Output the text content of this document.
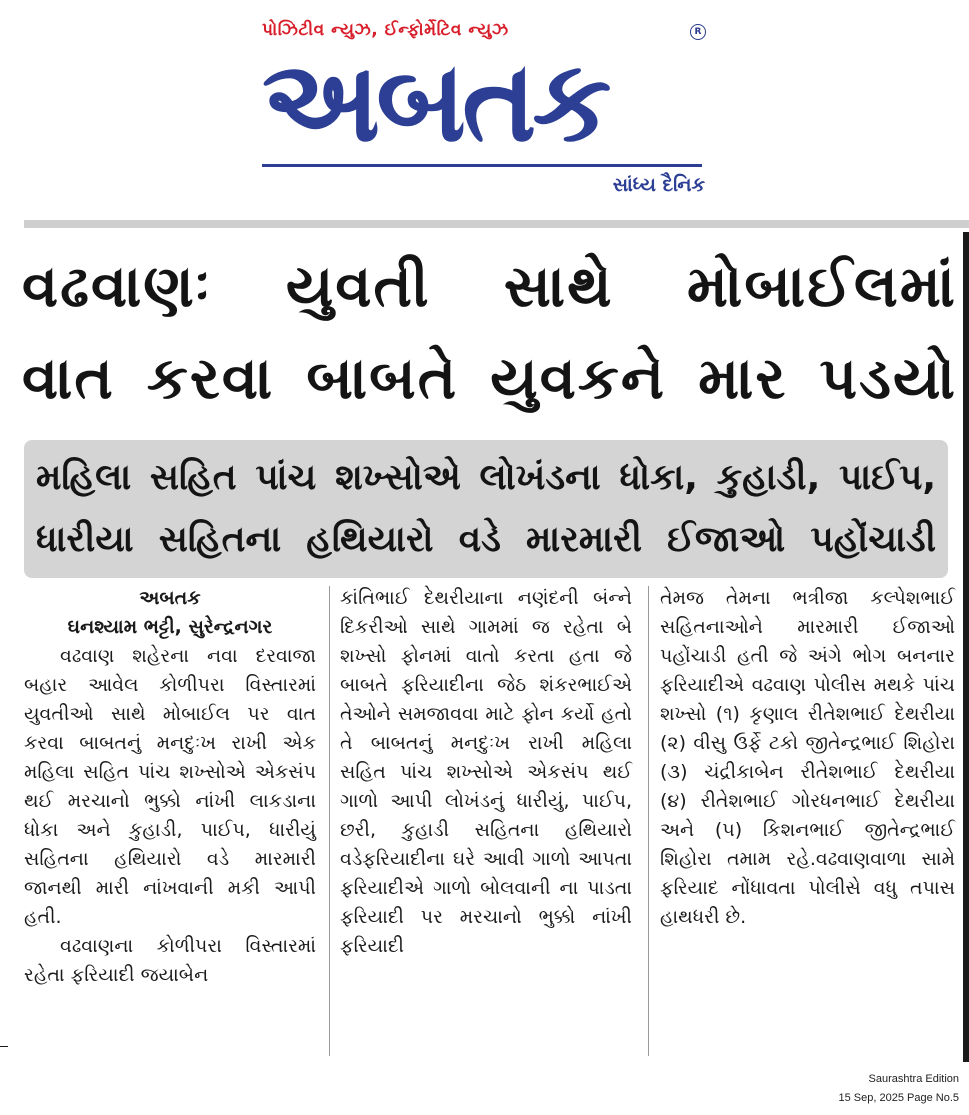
પોઝિટીવ ન્યુઝ, ઈન્ફોર્મેટિવ ન્યુઝ	R
અબતક
સાંધ્ય દૈનિક
વઢવાણઃ યુવતી સાથે મોબાઈલમાં
વાત કરવા બાબતે યુવકને માર પડયો
મહિલા સહિત પાંચ શખ્સોએ લોખંડના ધોકા, કુહાડી, પાઈપ,
ધારીયા સહિતના હથિયારો વડે મારમારી ઈજાઓ પહોંચાડી
અબતક
ઘનશ્યામ ભટ્ટી, સુરેન્દ્રનગર

વઢવાણ શહેરના નવા દરવાજા બહાર આવેલ કોળીપરા વિસ્તારમાં યુવતીઓ સાથે મોબાઈલ પર વાત કરવા બાબતનું મનદુઃખ રાખી એક મહિલા સહિત પાંચ શખ્સોએ એકસંપ થઈ મરચાનો ભુક્કો નાંખી લાકડાના ધોકા અને કુહાડી, પાઈપ, ધારીયું સહિતના હથિયારો વડે મારમારી જાનથી મારી નાંખવાની મકી આપી હતી.

વઢવાણના કોળીપરા વિસ્તારમાં રહેતા ફરિયાદી જયાબેન

કાંતિભાઈ દેથરીયાના નણંદની બંન્ને દિકરીઓ સાથે ગામમાં જ રહેતા બે શખ્સો ફોનમાં વાતો કરતા હતા જે બાબતે ફરિયાદીના જેઠ શંકરભાઈએ તેઓને સમજાવવા માટે ફોન કર્યો હતો તે બાબતનું મનદુઃખ રાખી મહિલા સહિત પાંચ શખ્સોએ એકસંપ થઈ ગાળો આપી લોખંડનું ધારીયું, પાઈપ, છરી, કુહાડી સહિતના હથિયારો વડેફરિયાદીના ઘરે આવી ગાળો આપતા ફરિયાદીએ ગાળો બોલવાની ના પાડતા ફરિયાદી પર મરચાનો ભુક્કો નાંખી ફરિયાદી

તેમજ તેમના ભત્રીજા કલ્પેશભાઈ સહિતનાઓને મારમારી ઈજાઓ પહોંચાડી હતી જે અંગે ભોગ બનનાર ફરિયાદીએ વઢવાણ પોલીસ મથકે પાંચ શખ્સો (૧) કૃણાલ રીતેશભાઈ દેથરીયા (૨) વીસુ ઉર્ફે ટકો જીતેન્દ્રભાઈ શિહોરા (૩) ચંદ્રીકાબેન રીતેશભાઈ દેથરીયા (૪) રીતેશભાઈ ગોરધનભાઈ દેથરીયા અને (૫) કિશનભાઈ જીતેન્દ્રભાઈ શિહોરા તમામ રહે.વઢવાણવાળા સામે ફરિયાદ નોંધાવતા પોલીસે વધુ તપાસ હાથધરી છે.

Saurashtra Edition
15 Sep, 2025 Page No.5
